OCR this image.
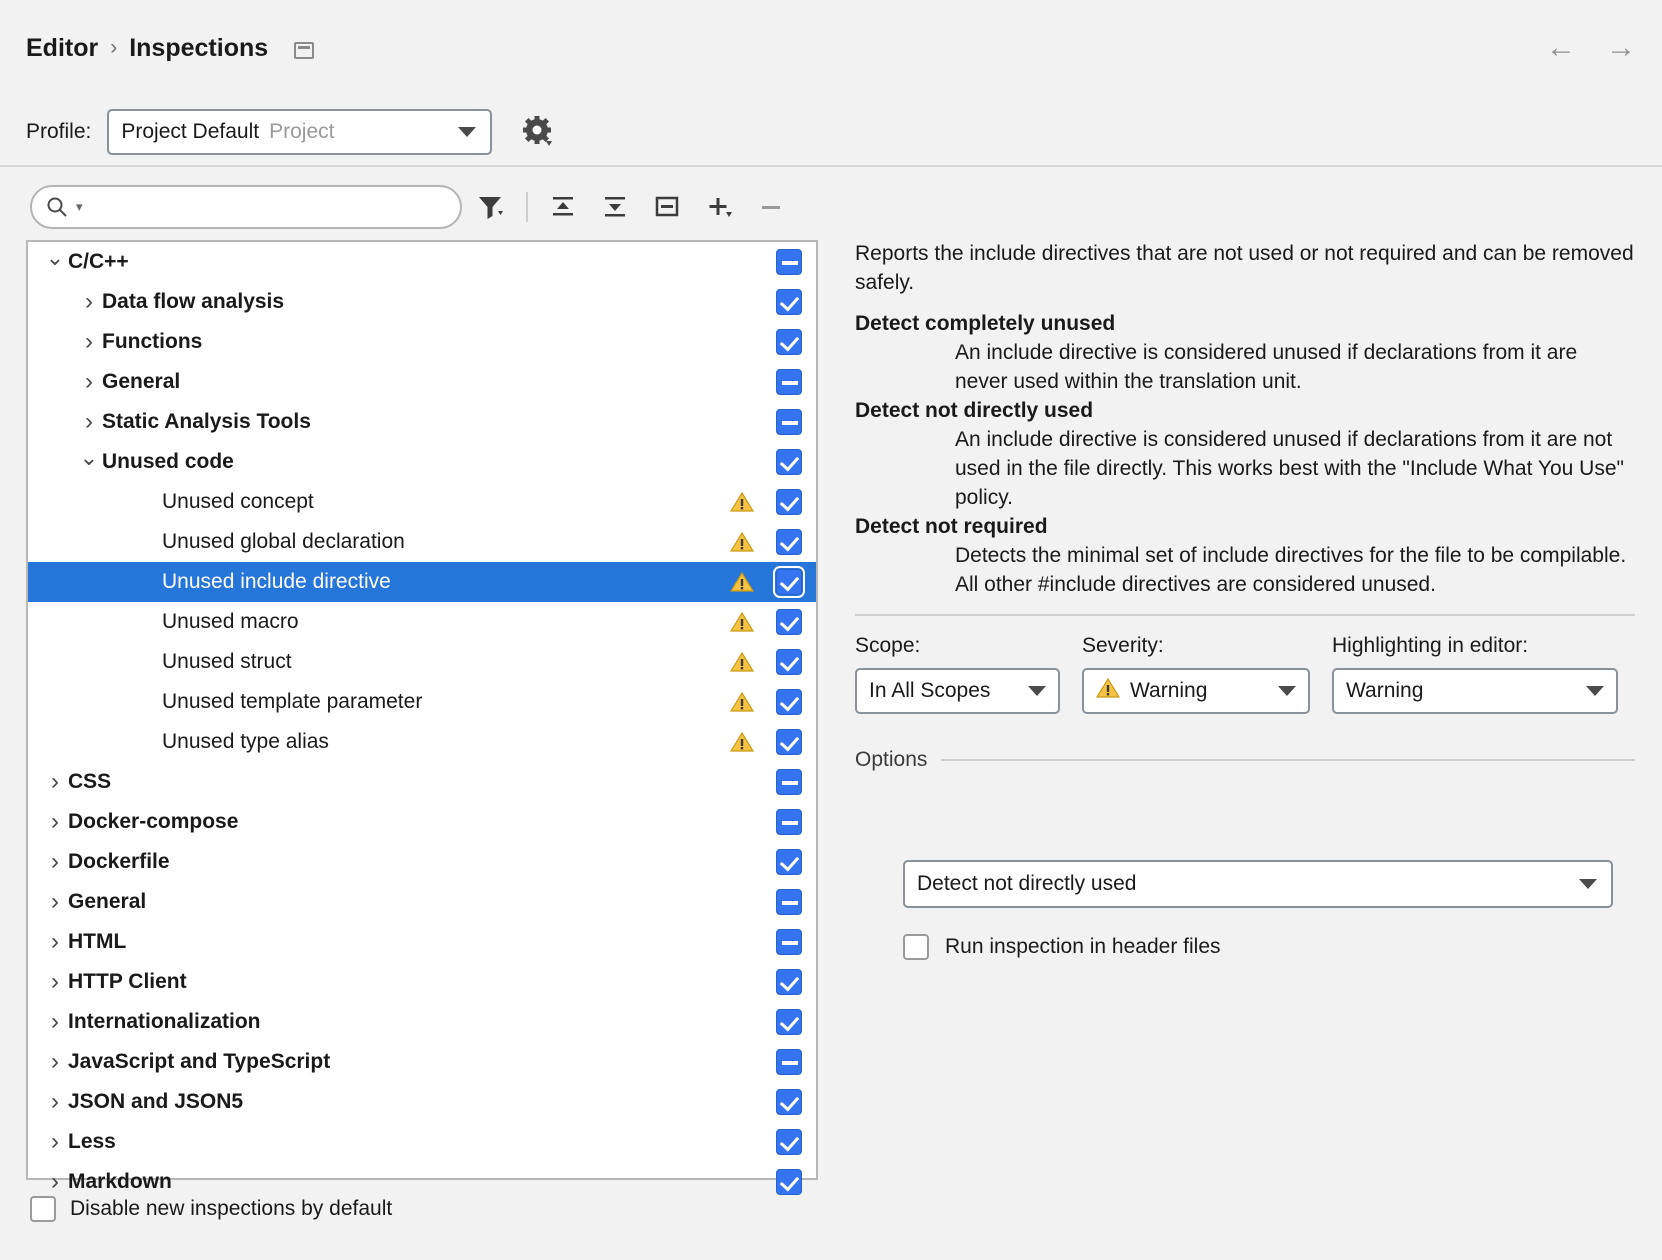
Editor › Inspections	← →
Profile: Project Default Project
▾
⌄ C/C++
› Data flow analysis
› Functions
› General
› Static Analysis Tools
⌄ Unused code
Unused concept
Unused global declaration
Unused include directive
Unused macro
Unused struct
Unused template parameter
Unused type alias
› CSS
› Docker-compose
› Dockerfile
› General
› HTML
› HTTP Client
› Internationalization
› JavaScript and TypeScript
› JSON and JSON5
› Less
› Markdown
Disable new inspections by default

Reports the include directives that are not used or not required and can be removed safely.

Detect completely unused

An include directive is considered unused if declarations from it are never used within the translation unit.

Detect not directly used

An include directive is considered unused if declarations from it are not used in the file directly. This works best with the "Include What You Use" policy.

Detect not required

Detects the minimal set of include directives for the file to be compilable. All other #include directives are considered unused.

Scope:
In All Scopes
Severity:
Warning
Highlighting in editor:
Warning
Options
Detect not directly used
Run inspection in header files
